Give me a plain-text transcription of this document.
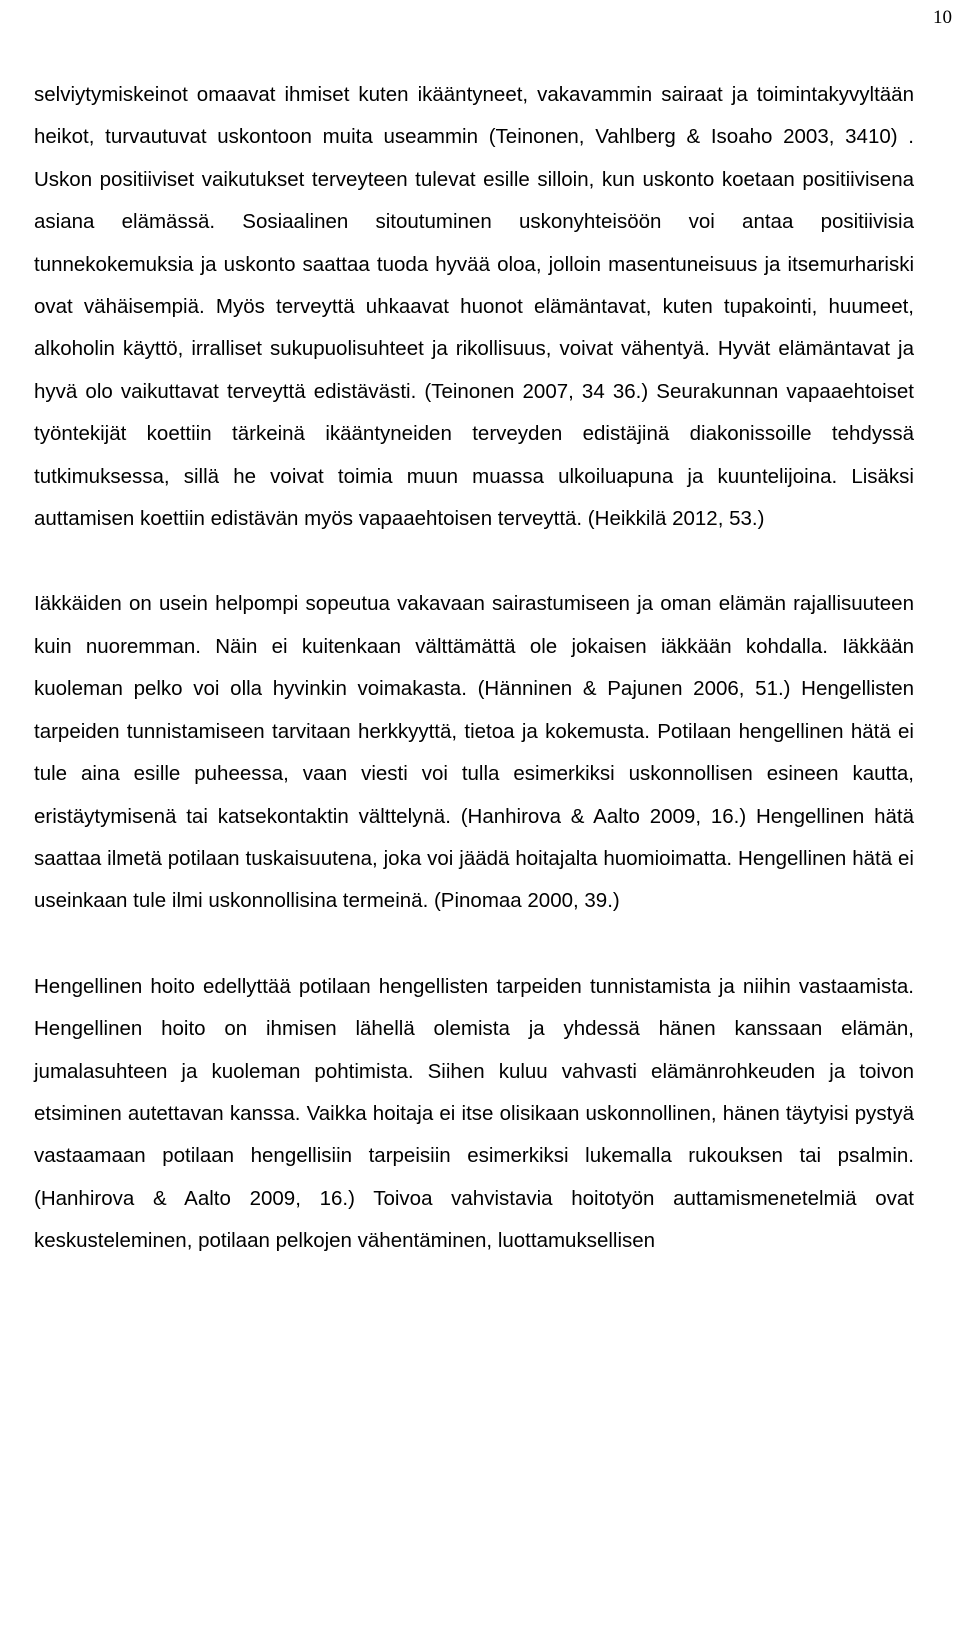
10

selviytymiskeinot omaavat ihmiset kuten ikääntyneet, vakavammin sairaat ja toimintakyvyltään heikot, turvautuvat uskontoon muita useammin (Teinonen, Vahlberg & Isoaho 2003, 3410) . Uskon positiiviset vaikutukset terveyteen tulevat esille silloin, kun uskonto koetaan positiivisena asiana elämässä. Sosiaalinen sitoutuminen uskonyhteisöön voi antaa positiivisia tunnekokemuksia ja uskonto saattaa tuoda hyvää oloa, jolloin masentuneisuus ja itsemurhariski ovat vähäisempiä. Myös terveyttä uhkaavat huonot elämäntavat, kuten tupakointi, huumeet, alkoholin käyttö, irralliset sukupuolisuhteet ja rikollisuus, voivat vähentyä. Hyvät elämäntavat ja hyvä olo vaikuttavat terveyttä edistävästi. (Teinonen 2007, 34 36.) Seurakunnan vapaaehtoiset työntekijät koettiin tärkeinä ikääntyneiden terveyden edistäjinä diakonissoille tehdyssä tutkimuksessa, sillä he voivat toimia muun muassa ulkoiluapuna ja kuuntelijoina. Lisäksi auttamisen koettiin edistävän myös vapaaehtoisen terveyttä. (Heikkilä 2012, 53.)

Iäkkäiden on usein helpompi sopeutua vakavaan sairastumiseen ja oman elämän rajallisuuteen kuin nuoremman. Näin ei kuitenkaan välttämättä ole jokaisen iäkkään kohdalla. Iäkkään kuoleman pelko voi olla hyvinkin voimakasta. (Hänninen & Pajunen 2006, 51.) Hengellisten tarpeiden tunnistamiseen tarvitaan herkkyyttä, tietoa ja kokemusta. Potilaan hengellinen hätä ei tule aina esille puheessa, vaan viesti voi tulla esimerkiksi uskonnollisen esineen kautta, eristäytymisenä tai katsekontaktin välttelynä. (Hanhirova & Aalto 2009, 16.) Hengellinen hätä saattaa ilmetä potilaan tuskaisuutena, joka voi jäädä hoitajalta huomioimatta. Hengellinen hätä ei useinkaan tule ilmi uskonnollisina termeinä. (Pinomaa 2000, 39.)

Hengellinen hoito edellyttää potilaan hengellisten tarpeiden tunnistamista ja niihin vastaamista. Hengellinen hoito on ihmisen lähellä olemista ja yhdessä hänen kanssaan elämän, jumalasuhteen ja kuoleman pohtimista. Siihen kuluu vahvasti elämänrohkeuden ja toivon etsiminen autettavan kanssa. Vaikka hoitaja ei itse olisikaan uskonnollinen, hänen täytyisi pystyä vastaamaan potilaan hengellisiin tarpeisiin esimerkiksi lukemalla rukouksen tai psalmin. (Hanhirova & Aalto 2009, 16.) Toivoa vahvistavia hoitotyön auttamismenetelmiä ovat keskusteleminen, potilaan pelkojen vähentäminen, luottamuksellisen
